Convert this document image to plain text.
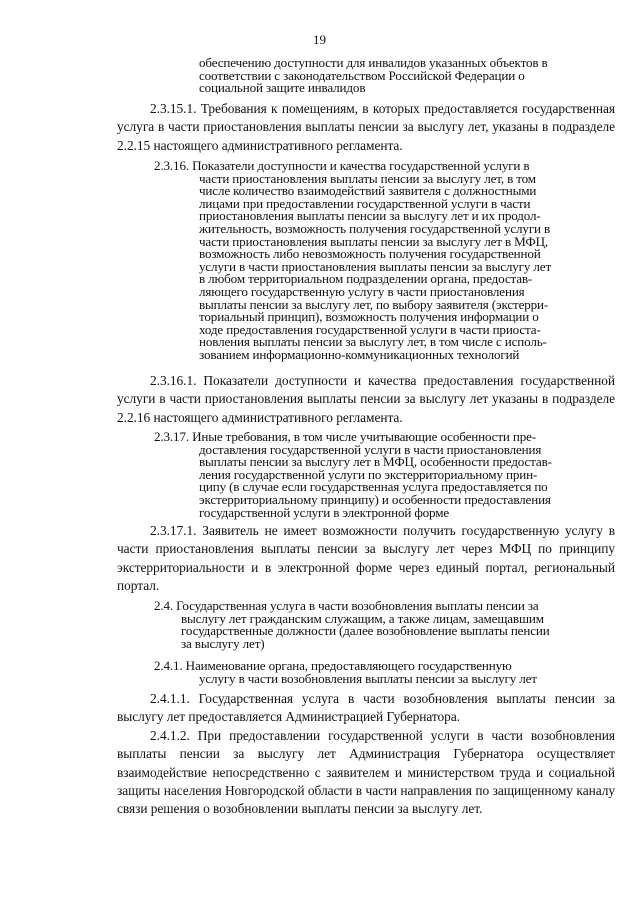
19
обеспечению доступности для инвалидов указанных объектов в
соответствии с законодательством Российской Федерации о
социальной защите инвалидов

2.3.15.1. Требования к помещениям, в которых предоставляется государственная услуга в части приостановления выплаты пенсии за выслугу лет, указаны в подразделе 2.2.15 настоящего административного регламента.

2.3.16. Показатели доступности и качества государственной услуги в
части приостановления выплаты пенсии за выслугу лет, в том
числе количество взаимодействий заявителя с должностными
лицами при предоставлении государственной услуги в части
приостановления выплаты пенсии за выслугу лет и их продол-
жительность, возможность получения государственной услуги в
части приостановления выплаты пенсии за выслугу лет в МФЦ,
возможность либо невозможность получения государственной
услуги в части приостановления выплаты пенсии за выслугу лет
в любом территориальном подразделении органа, предостав-
ляющего государственную услугу в части приостановления
выплаты пенсии за выслугу лет, по выбору заявителя (экстерри-
ториальный принцип), возможность получения информации о
ходе предоставления государственной услуги в части приоста-
новления выплаты пенсии за выслугу лет, в том числе с исполь-
зованием информационно-коммуникационных технологий

2.3.16.1. Показатели доступности и качества предоставления государственной услуги в части приостановления выплаты пенсии за выслугу лет указаны в подразделе 2.2.16 настоящего административного регламента.

2.3.17. Иные требования, в том числе учитывающие особенности пре-
доставления государственной услуги в части приостановления
выплаты пенсии за выслугу лет в МФЦ, особенности предостав-
ления государственной услуги по экстерриториальному прин-
ципу (в случае если государственная услуга предоставляется по
экстерриториальному принципу) и особенности предоставления
государственной услуги в электронной форме

2.3.17.1. Заявитель не имеет возможности получить государственную услугу в части приостановления выплаты пенсии за выслугу лет через МФЦ по принципу экстерриториальности и в электронной форме через единый портал, региональный портал.

2.4. Государственная услуга в части возобновления выплаты пенсии за
выслугу лет гражданским служащим, а также лицам, замещавшим
государственные должности (далее возобновление выплаты пенсии
за выслугу лет)
2.4.1. Наименование органа, предоставляющего государственную
услугу в части возобновления выплаты пенсии за выслугу лет

2.4.1.1. Государственная услуга в части возобновления выплаты пенсии за выслугу лет предоставляется Администрацией Губернатора.

2.4.1.2. При предоставлении государственной услуги в части возобновления выплаты пенсии за выслугу лет Администрация Губернатора осуществляет взаимодействие непосредственно с заявителем и министерством труда и социальной защиты населения Новгородской области в части направления по защищенному каналу связи решения о возобновлении выплаты пенсии за выслугу лет.
